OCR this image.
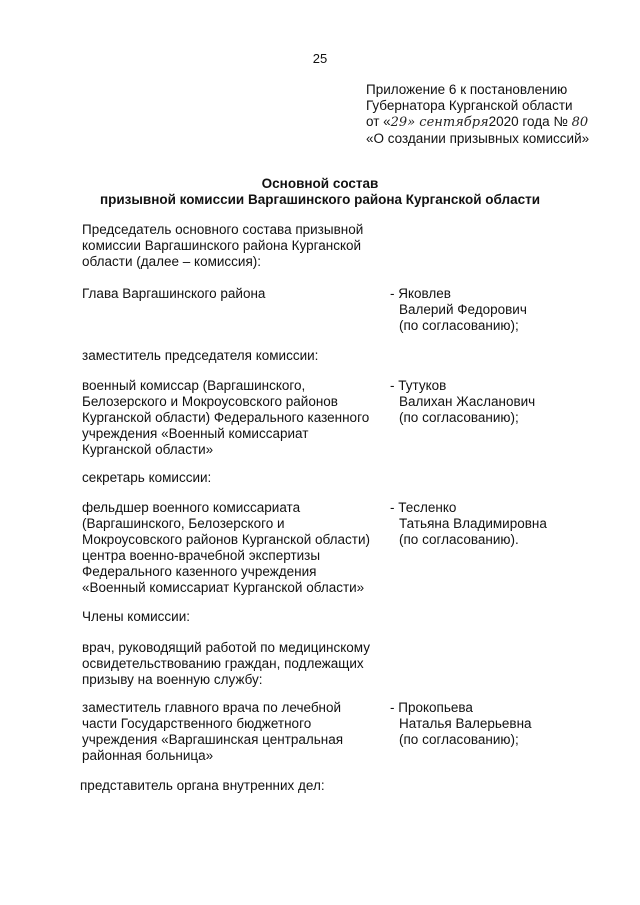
25
Приложение 6 к постановлению
Губернатора Курганской области
от «29» сентября2020 года № 80
«О создании призывных комиссий»
Основной состав
призывной комиссии Варгашинского района Курганской области
Председатель основного состава призывной
комиссии Варгашинского района Курганской
области (далее – комиссия):
Глава Варгашинского района	- Яковлев
Валерий Федорович
(по согласованию);
заместитель председателя комиссии:
военный комиссар (Варгашинского,
Белозерского и Мокроусовского районов
Курганской области) Федерального казенного
учреждения «Военный комиссариат
Курганской области»
- Тутуков
Валихан Жасланович
(по согласованию);
секретарь комиссии:
фельдшер военного комиссариата
(Варгашинского, Белозерского и
Мокроусовского районов Курганской области)
центра военно-врачебной экспертизы
Федерального казенного учреждения
«Военный комиссариат Курганской области»
- Тесленко
Татьяна Владимировна
(по согласованию).
Члены комиссии:
врач, руководящий работой по медицинскому
освидетельствованию граждан, подлежащих
призыву на военную службу:
заместитель главного врача по лечебной
части Государственного бюджетного
учреждения «Варгашинская центральная
районная больница»
- Прокопьева
Наталья Валерьевна
(по согласованию);
представитель органа внутренних дел:
